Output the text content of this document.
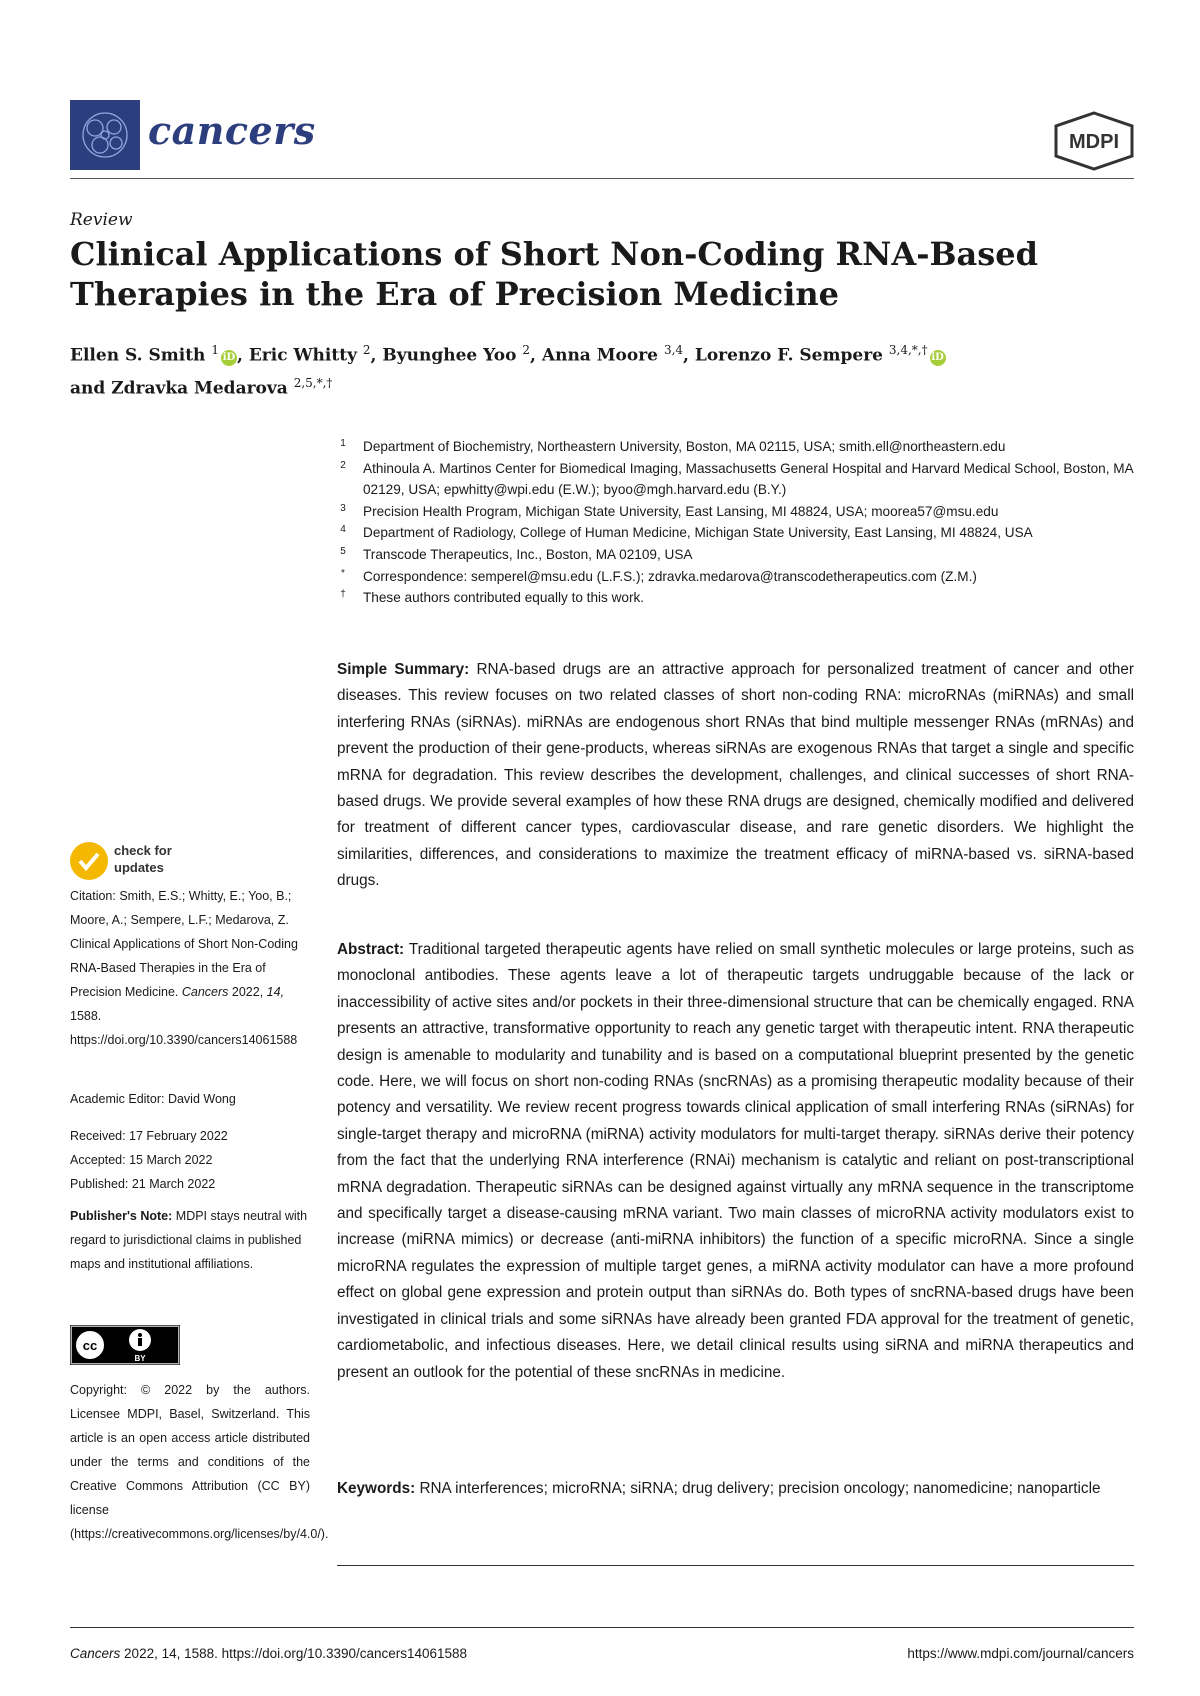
cancers	MDPI
Review
Clinical Applications of Short Non-Coding RNA-Based Therapies in the Era of Precision Medicine
Ellen S. Smith $^1$iD , Eric Whitty $^2$, Byunghee Yoo $^2$, Anna Moore $^{3,4}$, Lorenzo F. Sempere $^{3,4,*,\dagger}$iD
and Zdravka Medarova $^{2,5,*,\dagger}$
1	Department of Biochemistry, Northeastern University, Boston, MA 02115, USA; smith.ell@northeastern.edu
2	Athinoula A. Martinos Center for Biomedical Imaging, Massachusetts General Hospital and Harvard Medical School, Boston, MA 02129, USA; epwhitty@wpi.edu (E.W.); byoo@mgh.harvard.edu (B.Y.)
3	Precision Health Program, Michigan State University, East Lansing, MI 48824, USA; moorea57@msu.edu
4	Department of Radiology, College of Human Medicine, Michigan State University, East Lansing, MI 48824, USA
5	Transcode Therapeutics, Inc., Boston, MA 02109, USA
*	Correspondence: semperel@msu.edu (L.F.S.); zdravka.medarova@transcodetherapeutics.com (Z.M.)
†	These authors contributed equally to this work.
Simple Summary: RNA-based drugs are an attractive approach for personalized treatment of cancer and other diseases. This review focuses on two related classes of short non-coding RNA: microRNAs (miRNAs) and small interfering RNAs (siRNAs). miRNAs are endogenous short RNAs that bind multiple messenger RNAs (mRNAs) and prevent the production of their gene-products, whereas siRNAs are exogenous RNAs that target a single and specific mRNA for degradation. This review describes the development, challenges, and clinical successes of short RNA-based drugs. We provide several examples of how these RNA drugs are designed, chemically modified and delivered for treatment of different cancer types, cardiovascular disease, and rare genetic disorders. We highlight the similarities, differences, and considerations to maximize the treatment efficacy of miRNA-based vs. siRNA-based drugs.
Abstract: Traditional targeted therapeutic agents have relied on small synthetic molecules or large proteins, such as monoclonal antibodies. These agents leave a lot of therapeutic targets undruggable because of the lack or inaccessibility of active sites and/or pockets in their three-dimensional structure that can be chemically engaged. RNA presents an attractive, transformative opportunity to reach any genetic target with therapeutic intent. RNA therapeutic design is amenable to modularity and tunability and is based on a computational blueprint presented by the genetic code. Here, we will focus on short non-coding RNAs (sncRNAs) as a promising therapeutic modality because of their potency and versatility. We review recent progress towards clinical application of small interfering RNAs (siRNAs) for single-target therapy and microRNA (miRNA) activity modulators for multi-target therapy. siRNAs derive their potency from the fact that the underlying RNA interference (RNAi) mechanism is catalytic and reliant on post-transcriptional mRNA degradation. Therapeutic siRNAs can be designed against virtually any mRNA sequence in the transcriptome and specifically target a disease-causing mRNA variant. Two main classes of microRNA activity modulators exist to increase (miRNA mimics) or decrease (anti-miRNA inhibitors) the function of a specific microRNA. Since a single microRNA regulates the expression of multiple target genes, a miRNA activity modulator can have a more profound effect on global gene expression and protein output than siRNAs do. Both types of sncRNA-based drugs have been investigated in clinical trials and some siRNAs have already been granted FDA approval for the treatment of genetic, cardiometabolic, and infectious diseases. Here, we detail clinical results using siRNA and miRNA therapeutics and present an outlook for the potential of these sncRNAs in medicine.
Keywords: RNA interferences; microRNA; siRNA; drug delivery; precision oncology; nanomedicine; nanoparticle
check for
updates
Citation: Smith, E.S.; Whitty, E.; Yoo, B.; Moore, A.; Sempere, L.F.; Medarova, Z. Clinical Applications of Short Non-Coding RNA-Based Therapies in the Era of Precision Medicine. Cancers 2022, 14, 1588. https://doi.org/10.3390/cancers14061588
Academic Editor: David Wong
Received: 17 February 2022
Accepted: 15 March 2022
Published: 21 March 2022
Publisher's Note: MDPI stays neutral with regard to jurisdictional claims in published maps and institutional affiliations.
cc
BY
Copyright: © 2022 by the authors. Licensee MDPI, Basel, Switzerland. This article is an open access article distributed under the terms and conditions of the Creative Commons Attribution (CC BY) license (https://creativecommons.org/licenses/by/4.0/).
Cancers 2022, 14, 1588. https://doi.org/10.3390/cancers14061588	https://www.mdpi.com/journal/cancers
